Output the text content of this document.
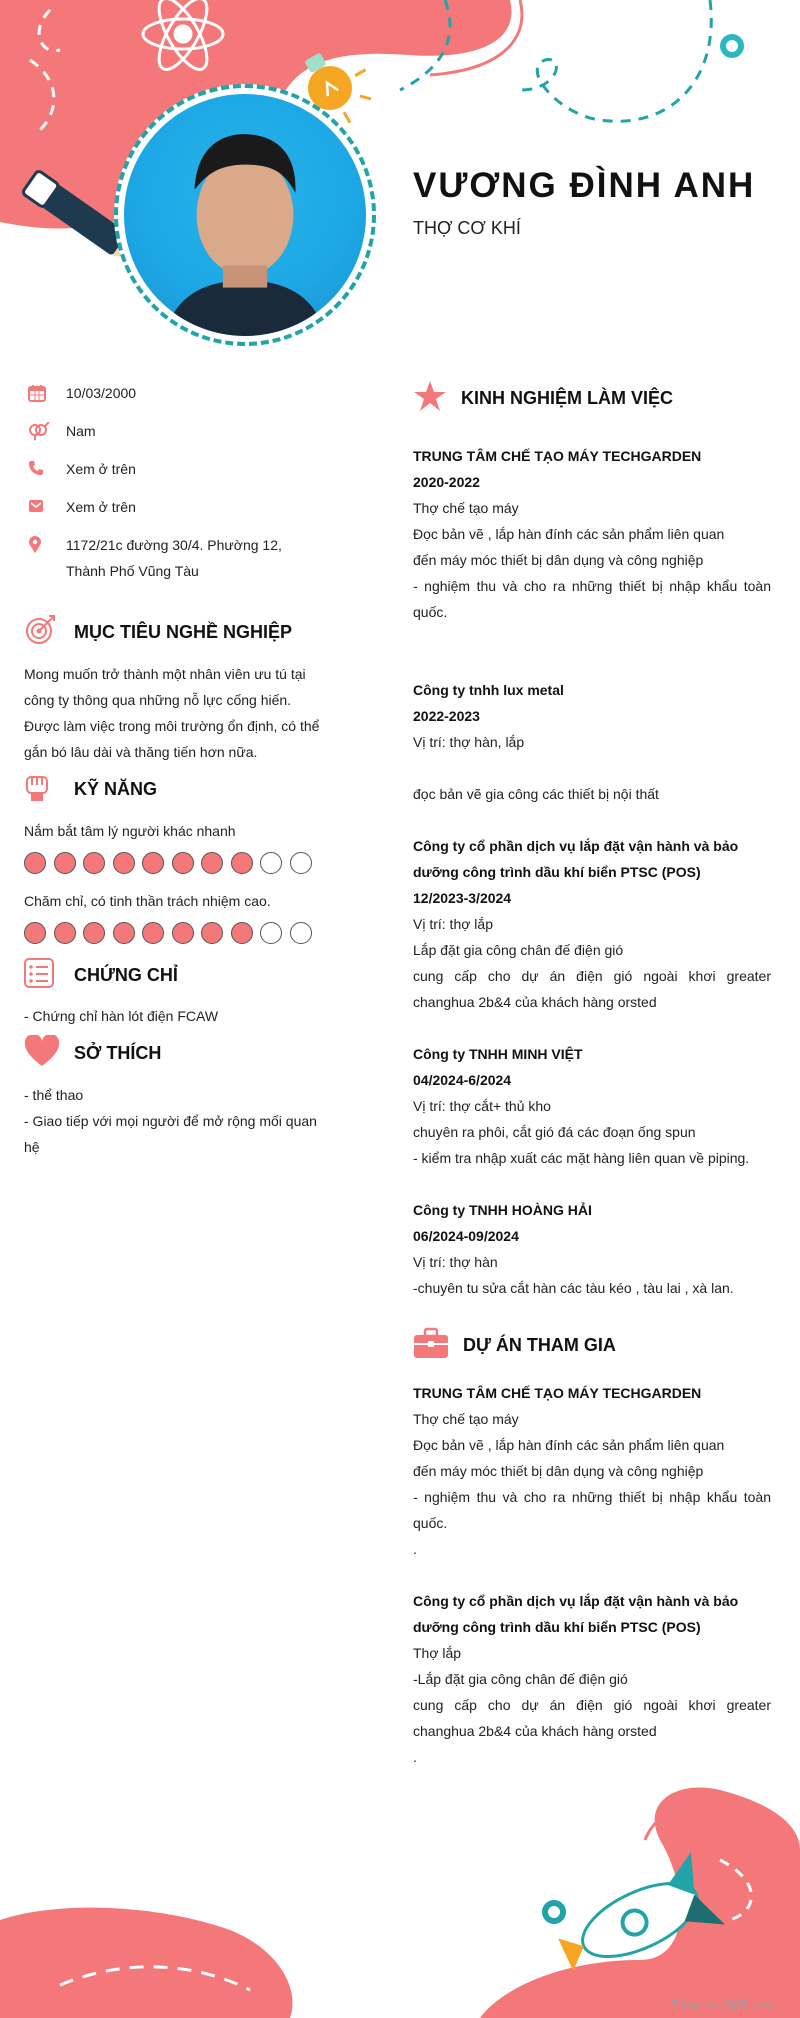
VƯƠNG ĐÌNH ANH
THỢ CƠ KHÍ
10/03/2000
Nam
Xem ở trên
Xem ở trên
1172/21c đường 30/4. Phường 12, Thành Phố Vũng Tàu
MỤC TIÊU NGHỀ NGHIỆP

Mong muốn trở thành một nhân viên ưu tú tại công ty thông qua những nỗ lực cống hiến. Được làm việc trong môi trường ổn định, có thể gắn bó lâu dài và thăng tiến hơn nữa.

KỸ NĂNG
Nắm bắt tâm lý người khác nhanh
Chăm chỉ, có tinh thần trách nhiệm cao.
CHỨNG CHỈ
- Chứng chỉ hàn lót điện FCAW
SỞ THÍCH
- thể thao
- Giao tiếp với mọi người để mở rộng mối quan hệ
KINH NGHIỆM LÀM VIỆC
TRUNG TÂM CHẾ TẠO MÁY TECHGARDEN
2020-2022
Thợ chế tạo máy
Đọc bản vẽ , lắp hàn đính các sản phẩm liên quan
đến máy móc thiết bị dân dụng và công nghiệp
- nghiệm thu và cho ra những thiết bị nhập khẩu toàn quốc.
Công ty tnhh lux metal
2022-2023
Vị trí: thợ hàn, lắp
đọc bản vẽ gia công các thiết bị nội thất
Công ty cổ phần dịch vụ lắp đặt vận hành và bảo dưỡng công trình dầu khí biển PTSC (POS)
12/2023-3/2024
Vị trí: thợ lắp
Lắp đặt gia công chân đế điện gió
cung cấp cho dự án điện gió ngoài khơi greater changhua 2b&4 của khách hàng orsted
Công ty TNHH MINH VIỆT
04/2024-6/2024
Vị trí: thợ cắt+ thủ kho
chuyên ra phôi, cắt gió đá các đoạn ống spun
- kiểm tra nhập xuất các mặt hàng liên quan về piping.
Công ty TNHH HOÀNG HẢI
06/2024-09/2024
Vị trí: thợ hàn
-chuyên tu sửa cắt hàn các tàu kéo , tàu lai , xà lan.
DỰ ÁN THAM GIA
TRUNG TÂM CHẾ TẠO MÁY TECHGARDEN
Thợ chế tạo máy
Đọc bản vẽ , lắp hàn đính các sản phẩm liên quan
đến máy móc thiết bị dân dụng và công nghiệp
- nghiệm thu và cho ra những thiết bị nhập khẩu toàn quốc.
.
Công ty cổ phần dịch vụ lắp đặt vận hành và bảo dưỡng công trình dầu khí biển PTSC (POS)
Thợ lắp
-Lắp đặt gia công chân đế điện gió
cung cấp cho dự án điện gió ngoài khơi greater changhua 2b&4 của khách hàng orsted
.
Timviec365.vn
